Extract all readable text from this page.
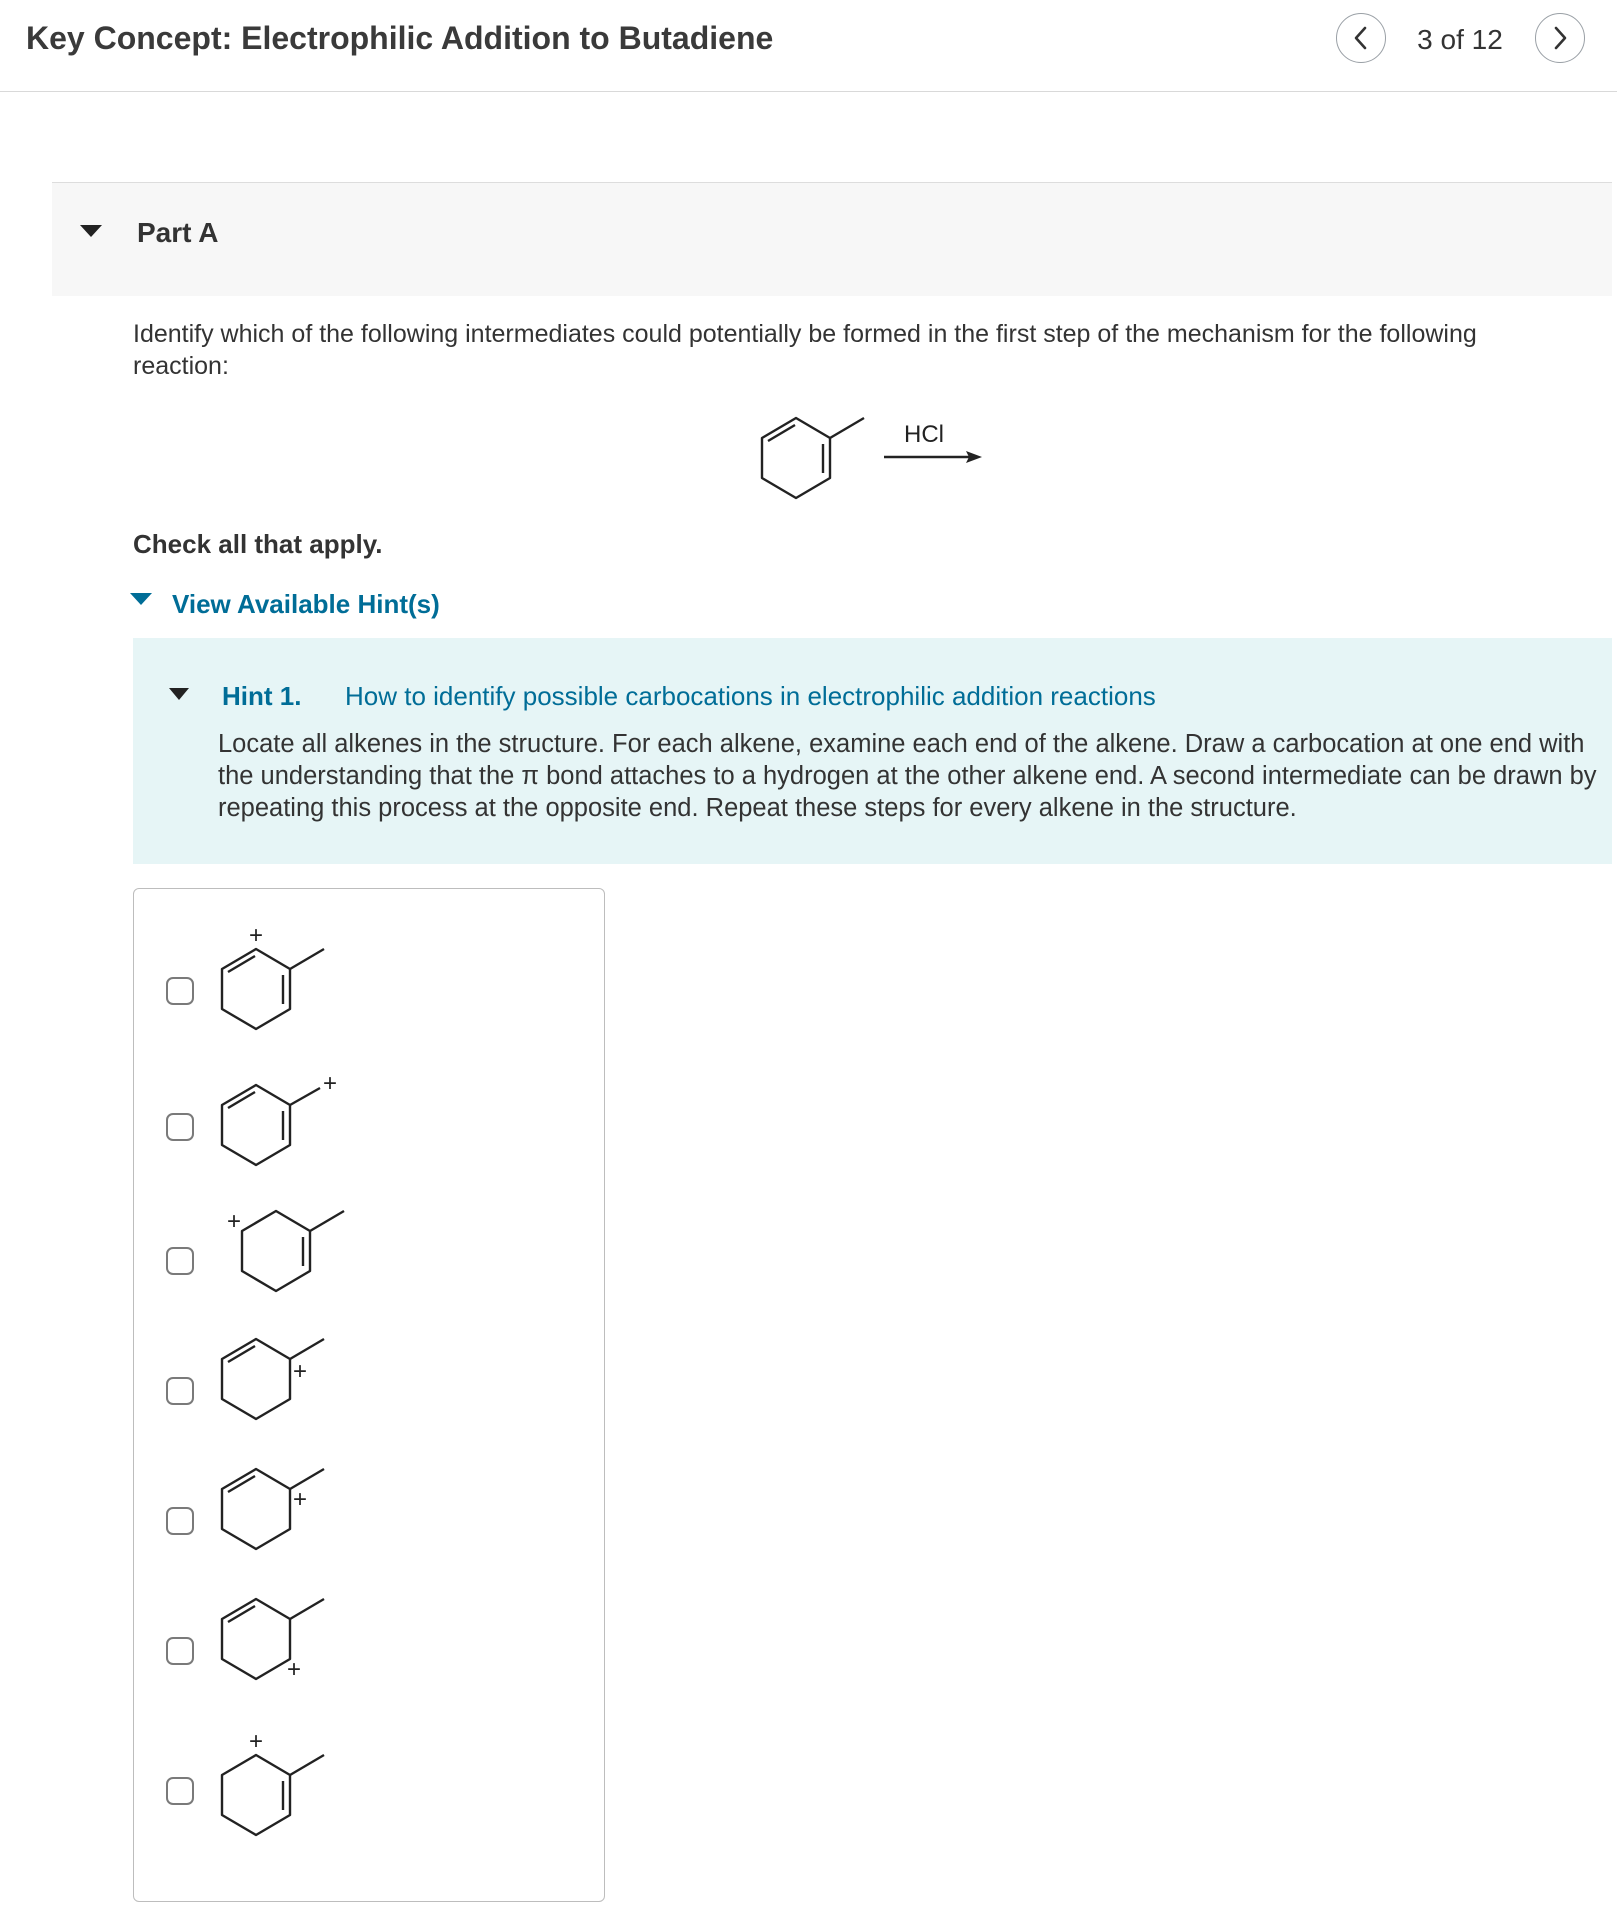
Key Concept: Electrophilic Addition to Butadiene	3 of 12
Part A

Identify which of the following intermediates could potentially be formed in the first step of the mechanism for the following reaction:

HCl
Check all that apply.
View Available Hint(s)
Hint 1. How to identify possible carbocations in electrophilic addition reactions

Locate all alkenes in the structure. For each alkene, examine each end of the alkene. Draw a carbocation at one end with the understanding that the π bond attaches to a hydrogen at the other alkene end. A second intermediate can be drawn by repeating this process at the opposite end. Repeat these steps for every alkene in the structure.

+
+
+
+
+
+
+
